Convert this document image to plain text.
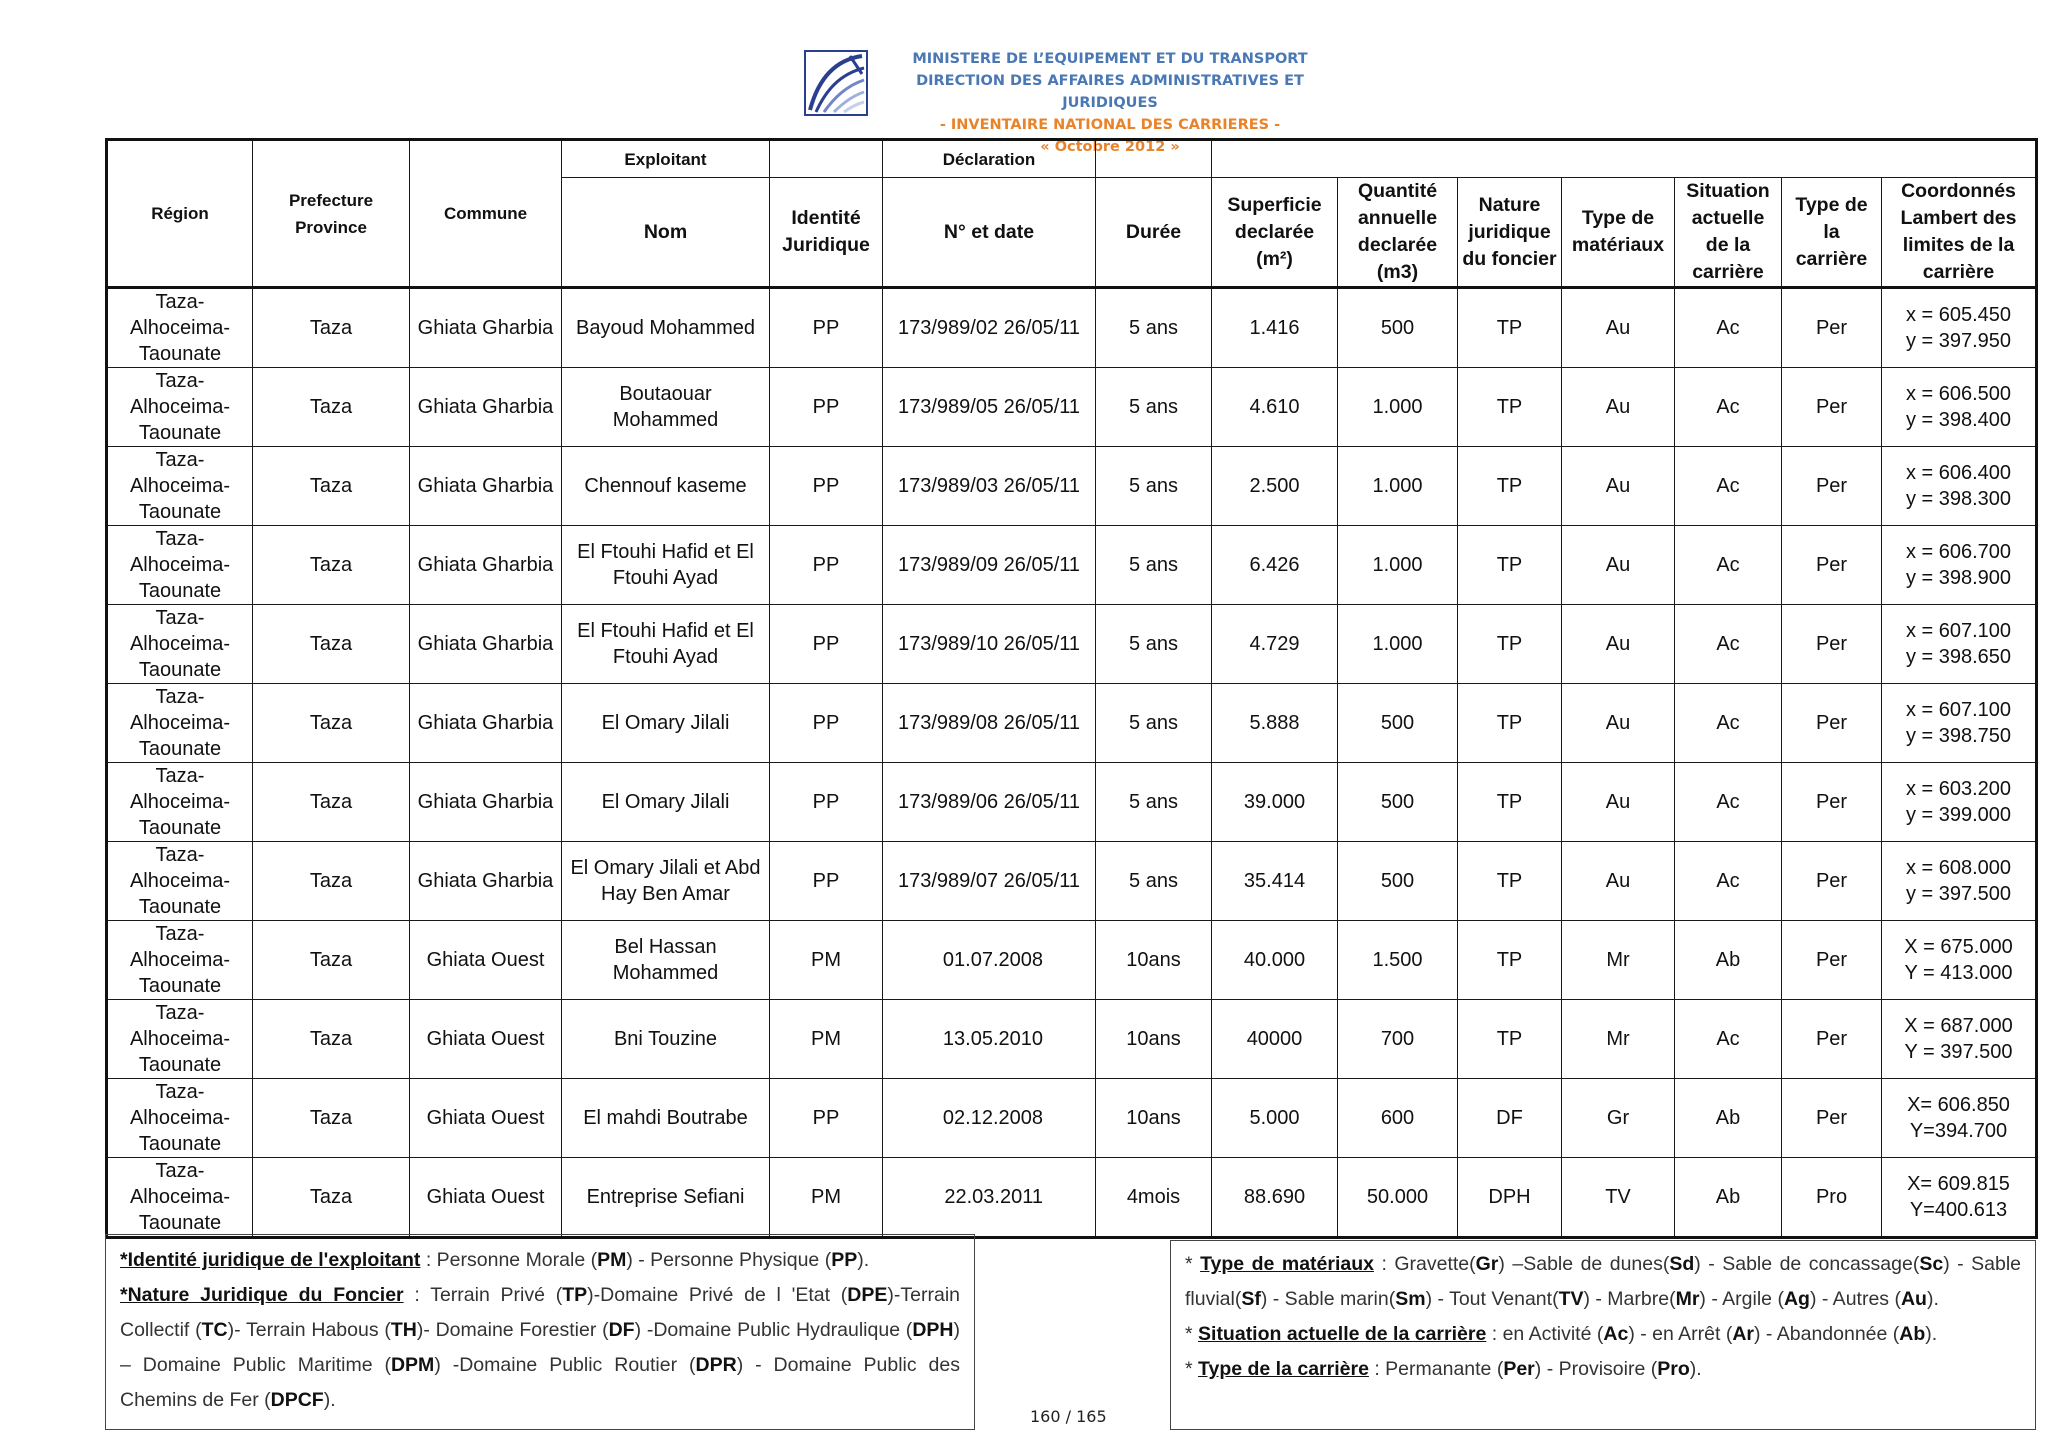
MINISTERE DE L’EQUIPEMENT ET DU TRANSPORT
DIRECTION DES AFFAIRES ADMINISTRATIVES ET JURIDIQUES
- INVENTAIRE NATIONAL DES CARRIERES -
« Octobre 2012 »
Région	Prefecture Province	Commune	Exploitant		Déclaration								
			Nom	Identité Juridique	N° et date	Durée	Superficie declarée (m²)	Quantité annuelle declarée (m3)	Nature juridique du foncier	Type de matériaux	Situation actuelle de la carrière	Type de la carrière	Coordonnés Lambert des limites de la carrière
Taza-Alhoceima-Taounate	Taza	Ghiata Gharbia	Bayoud Mohammed	PP	173/989/02 26/05/11	5 ans	1.416	500	TP	Au	Ac	Per	x = 605.450
y = 397.950

Taza-Alhoceima-Taounate	Taza	Ghiata Gharbia	Boutaouar Mohammed	PP	173/989/05 26/05/11	5 ans	4.610	1.000	TP	Au	Ac	Per	x = 606.500
y = 398.400

Taza-Alhoceima-Taounate	Taza	Ghiata Gharbia	Chennouf kaseme	PP	173/989/03 26/05/11	5 ans	2.500	1.000	TP	Au	Ac	Per	x = 606.400
y = 398.300

Taza-Alhoceima-Taounate	Taza	Ghiata Gharbia	El Ftouhi Hafid et El Ftouhi Ayad	PP	173/989/09 26/05/11	5 ans	6.426	1.000	TP	Au	Ac	Per	x = 606.700
y = 398.900

Taza-Alhoceima-Taounate	Taza	Ghiata Gharbia	El Ftouhi Hafid et El Ftouhi Ayad	PP	173/989/10 26/05/11	5 ans	4.729	1.000	TP	Au	Ac	Per	x = 607.100
y = 398.650

Taza-Alhoceima-Taounate	Taza	Ghiata Gharbia	El Omary Jilali	PP	173/989/08 26/05/11	5 ans	5.888	500	TP	Au	Ac	Per	x = 607.100
y = 398.750

Taza-Alhoceima-Taounate	Taza	Ghiata Gharbia	El Omary Jilali	PP	173/989/06 26/05/11	5 ans	39.000	500	TP	Au	Ac	Per	x = 603.200
y = 399.000

Taza-Alhoceima-Taounate	Taza	Ghiata Gharbia	El Omary Jilali et Abd Hay Ben Amar	PP	173/989/07 26/05/11	5 ans	35.414	500	TP	Au	Ac	Per	x = 608.000
y = 397.500

Taza-Alhoceima-Taounate	Taza	Ghiata Ouest	Bel Hassan Mohammed	PM	01.07.2008	10ans	40.000	1.500	TP	Mr	Ab	Per	X = 675.000
Y = 413.000

Taza-Alhoceima-Taounate	Taza	Ghiata Ouest	Bni Touzine	PM	13.05.2010	10ans	40000	700	TP	Mr	Ac	Per	X = 687.000
Y = 397.500

Taza-Alhoceima-Taounate	Taza	Ghiata Ouest	El mahdi Boutrabe	PP	02.12.2008	10ans	5.000	600	DF	Gr	Ab	Per	X= 606.850
Y=394.700

Taza-Alhoceima-Taounate	Taza	Ghiata Ouest	Entreprise Sefiani	PM	22.03.2011	4mois	88.690	50.000	DPH	TV	Ab	Pro	X= 609.815
Y=400.613

*Identité juridique de l'exploitant : Personne Morale (PM) - Personne Physique (PP).

*Nature Juridique du Foncier : Terrain Privé (TP)-Domaine Privé de l 'Etat (DPE)-Terrain Collectif (TC)- Terrain Habous (TH)- Domaine Forestier (DF) -Domaine Public Hydraulique (DPH) – Domaine Public Maritime (DPM) -Domaine Public Routier (DPR) - Domaine Public des Chemins de Fer (DPCF).

* Type de matériaux : Gravette(Gr) –Sable de dunes(Sd) - Sable de concassage(Sc) - Sable fluvial(Sf) - Sable marin(Sm) - Tout Venant(TV) - Marbre(Mr) - Argile (Ag) - Autres (Au).

* Situation actuelle de la carrière : en Activité (Ac) - en Arrêt (Ar) - Abandonnée (Ab).

* Type de la carrière : Permanante (Per) - Provisoire (Pro).

160 / 165
